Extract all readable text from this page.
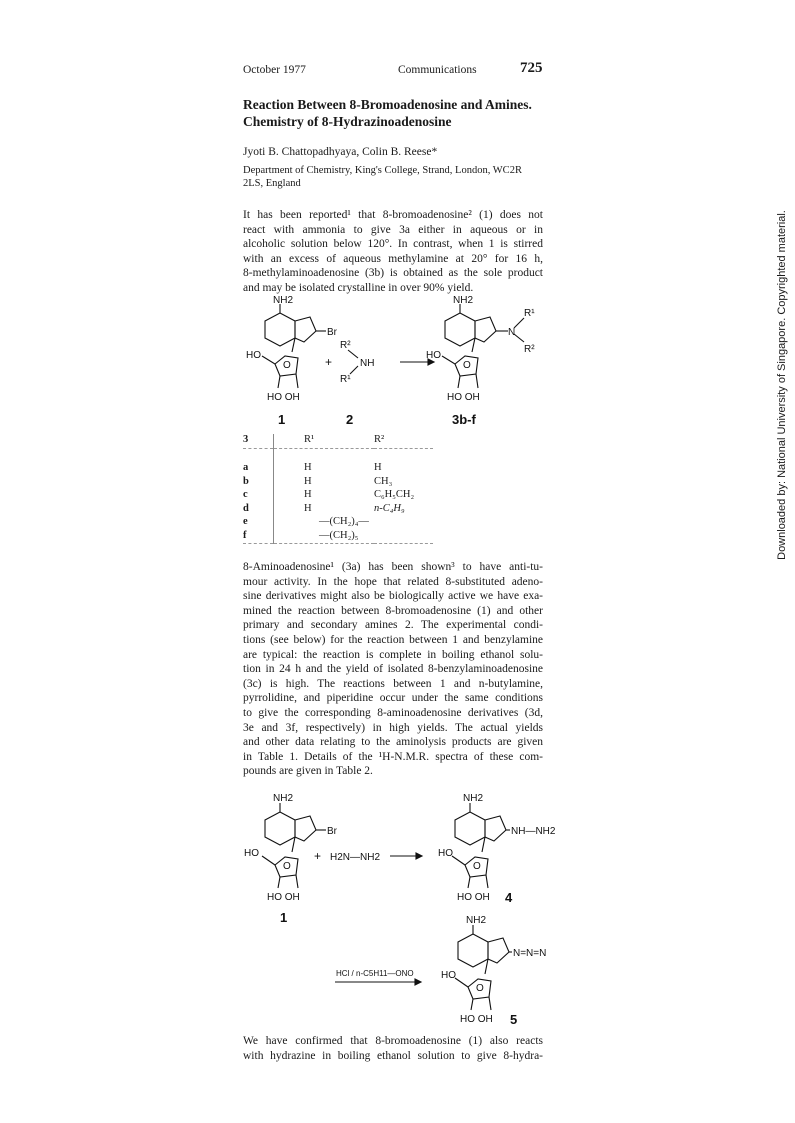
October 1977	Communications	725
Reaction Between 8-Bromoadenosine and Amines.
Chemistry of 8-Hydrazinoadenosine
Jyoti B. Chattopadhyaya, Colin B. Reese*
Department of Chemistry, King's College, Strand, London, WC2R
2LS, England
It has been reported¹ that 8-bromoadenosine² (1) does not
react with ammonia to give 3a either in aqueous or in
alcoholic solution below 120°. In contrast, when 1 is stirred
with an excess of aqueous methylamine at 20° for 16 h,
8-methylaminoadenosine (3b) is obtained as the sole product
and may be isolated crystalline in over 90% yield.
NH2
Br
HO
O
HO OH
R²
NH
R¹
+
NH2
N
R¹
R²
HO
O
HO OH
1	2	3b-f
3	R¹	R²

a	H	H
b	H	CH₃
c	H	C₆H₅CH₂
d	H	n-C₄H₉
e	—(CH₂)₄—	
f	—(CH₂)₅	

8-Aminoadenosine¹ (3a) has been shown³ to have anti-tu-
mour activity. In the hope that related 8-substituted adeno-
sine derivatives might also be biologically active we have exa-
mined the reaction between 8-bromoadenosine (1) and other
primary and secondary amines 2. The experimental condi-
tions (see below) for the reaction between 1 and benzylamine
are typical: the reaction is complete in boiling ethanol solu-
tion in 24 h and the yield of isolated 8-benzylaminoadenosine
(3c) is high. The reactions between 1 and n-butylamine,
pyrrolidine, and piperidine occur under the same conditions
to give the corresponding 8-aminoadenosine derivatives (3d,
3e and 3f, respectively) in high yields. The actual yields
and other data relating to the aminolysis products are given
in Table 1. Details of the ¹H-N.M.R. spectra of these com-
pounds are given in Table 2.
NH2
Br
HO
O
HO OH
+ H2N—NH2
NH2
NH—NH2
HO
O
HO OH
HCl / n-C5H11—ONO
NH2
N=N=N
HO
O
HO OH
1
4
5
We have confirmed that 8-bromoadenosine (1) also reacts
with hydrazine in boiling ethanol solution to give 8-hydra-
Downloaded by: National University of Singapore. Copyrighted material.
